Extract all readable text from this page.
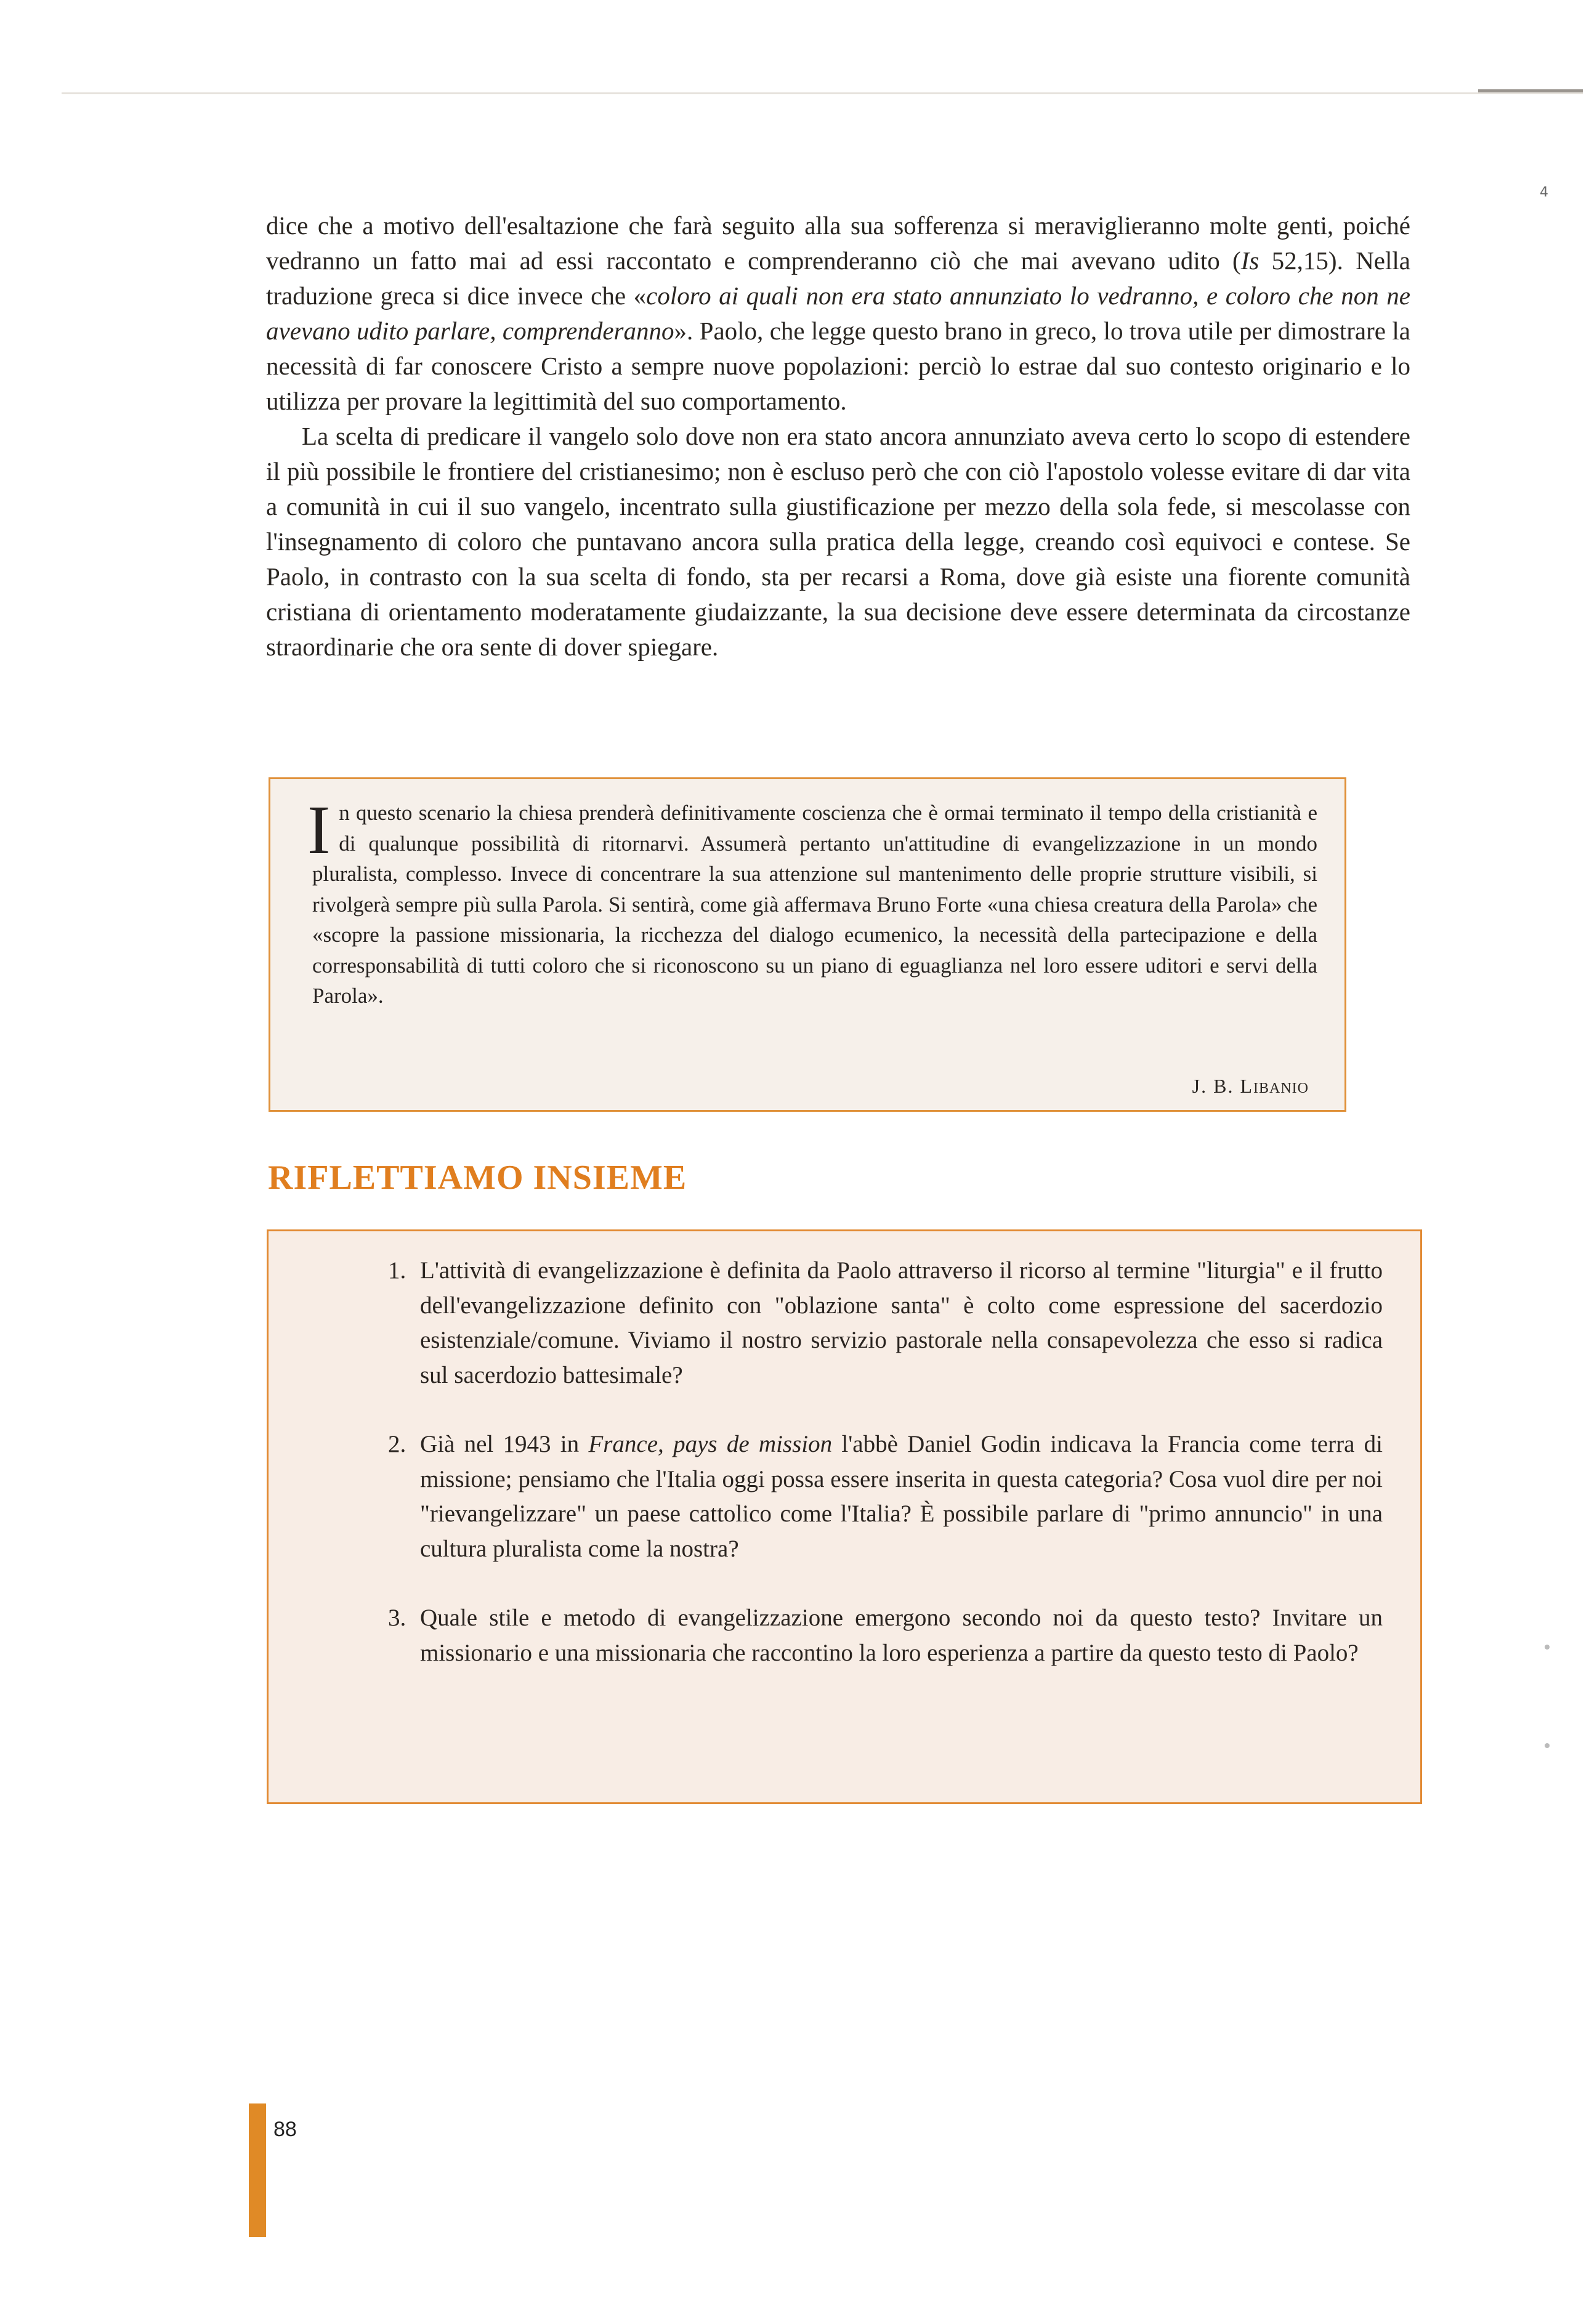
4

dice che a motivo dell'esaltazione che farà seguito alla sua sofferenza si meraviglieranno molte genti, poiché vedranno un fatto mai ad essi raccontato e comprenderanno ciò che mai avevano udito (Is 52,15). Nella traduzione greca si dice invece che «coloro ai quali non era stato annunziato lo vedranno, e coloro che non ne avevano udito parlare, comprenderanno». Paolo, che legge questo brano in greco, lo trova utile per dimostrare la necessità di far conoscere Cristo a sempre nuove popolazioni: perciò lo estrae dal suo contesto originario e lo utilizza per provare la legittimità del suo comportamento.

La scelta di predicare il vangelo solo dove non era stato ancora annunziato aveva certo lo scopo di estendere il più possibile le frontiere del cristianesimo; non è escluso però che con ciò l'apostolo volesse evitare di dar vita a comunità in cui il suo vangelo, incentrato sulla giustificazione per mezzo della sola fede, si mescolasse con l'insegnamento di coloro che puntavano ancora sulla pratica della legge, creando così equivoci e contese. Se Paolo, in contrasto con la sua scelta di fondo, sta per recarsi a Roma, dove già esiste una fiorente comunità cristiana di orientamento moderatamente giudaizzante, la sua decisione deve essere determinata da circostanze straordinarie che ora sente di dover spiegare.

In questo scenario la chiesa prenderà definitivamente coscienza che è ormai terminato il tempo della cristianità e di qualunque possibilità di ritornarvi. Assumerà pertanto un'attitudine di evangelizzazione in un mondo pluralista, complesso. Invece di concentrare la sua attenzione sul mantenimento delle proprie strutture visibili, si rivolgerà sempre più sulla Parola. Si sentirà, come già affermava Bruno Forte «una chiesa creatura della Parola» che «scopre la passione missionaria, la ricchezza del dialogo ecumenico, la necessità della partecipazione e della corresponsabilità di tutti coloro che si riconoscono su un piano di eguaglianza nel loro essere uditori e servi della Parola».
J. B. LIBANIO
RIFLETTIAMO INSIEME
1. L'attività di evangelizzazione è definita da Paolo attraverso il ricorso al termine "liturgia" e il frutto dell'evangelizzazione definito con "oblazione santa" è colto come espressione del sacerdozio esistenziale/comune. Viviamo il nostro servizio pastorale nella consapevolezza che esso si radica sul sacerdozio battesimale?
2. Già nel 1943 in France, pays de mission l'abbè Daniel Godin indicava la Francia come terra di missione; pensiamo che l'Italia oggi possa essere inserita in questa categoria? Cosa vuol dire per noi "rievangelizzare" un paese cattolico come l'Italia? È possibile parlare di "primo annuncio" in una cultura pluralista come la nostra?
3. Quale stile e metodo di evangelizzazione emergono secondo noi da questo testo? Invitare un missionario e una missionaria che raccontino la loro esperienza a partire da questo testo di Paolo?
88
